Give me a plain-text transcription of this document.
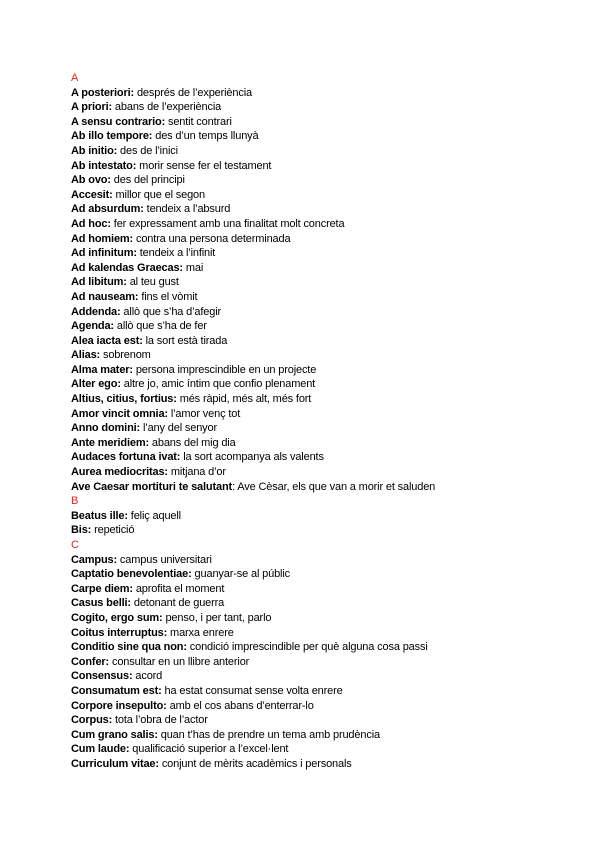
A
A posteriori: després de l’experiència
A priori: abans de l’experiència
A sensu contrario: sentit contrari
Ab illo tempore: des d’un temps llunyà
Ab initio: des de l’inici
Ab intestato: morir sense fer el testament
Ab ovo: des del principi
Accesit: millor que el segon
Ad absurdum: tendeix a l’absurd
Ad hoc: fer expressament amb una finalitat molt concreta
Ad homiem: contra una persona determinada
Ad infinitum: tendeix a l’infinit
Ad kalendas Graecas: mai
Ad libitum: al teu gust
Ad nauseam: fins el vòmit
Addenda: allò que s’ha d’afegir
Agenda: allò que s’ha de fer
Alea iacta est: la sort està tirada
Alias: sobrenom
Alma mater: persona imprescindible en un projecte
Alter ego: altre jo, amic íntim que confio plenament
Altius, citius, fortius: més ràpid, més alt, més fort
Amor vincit omnia: l’amor venç tot
Anno domini: l’any del senyor
Ante meridiem: abans del mig dia
Audaces fortuna ivat: la sort acompanya als valents
Aurea mediocritas: mitjana d’or
Ave Caesar mortituri te salutant: Ave Cèsar, els que van a morir et saluden
B
Beatus ille: feliç aquell
Bis: repetició
C
Campus: campus universitari
Captatio benevolentiae: guanyar-se al públic
Carpe diem: aprofita el moment
Casus belli: detonant de guerra
Cogito, ergo sum: penso, i per tant, parlo
Coitus interruptus: marxa enrere
Conditio sine qua non: condició imprescindible per què alguna cosa passi
Confer: consultar en un llibre anterior
Consensus: acord
Consumatum est: ha estat consumat sense volta enrere
Corpore insepulto: amb el cos abans d’enterrar-lo
Corpus: tota l’obra de l’actor
Cum grano salis: quan t’has de prendre un tema amb prudència
Cum laude: qualificació superior a l’excel·lent
Curriculum vitae: conjunt de mèrits acadèmics i personals
